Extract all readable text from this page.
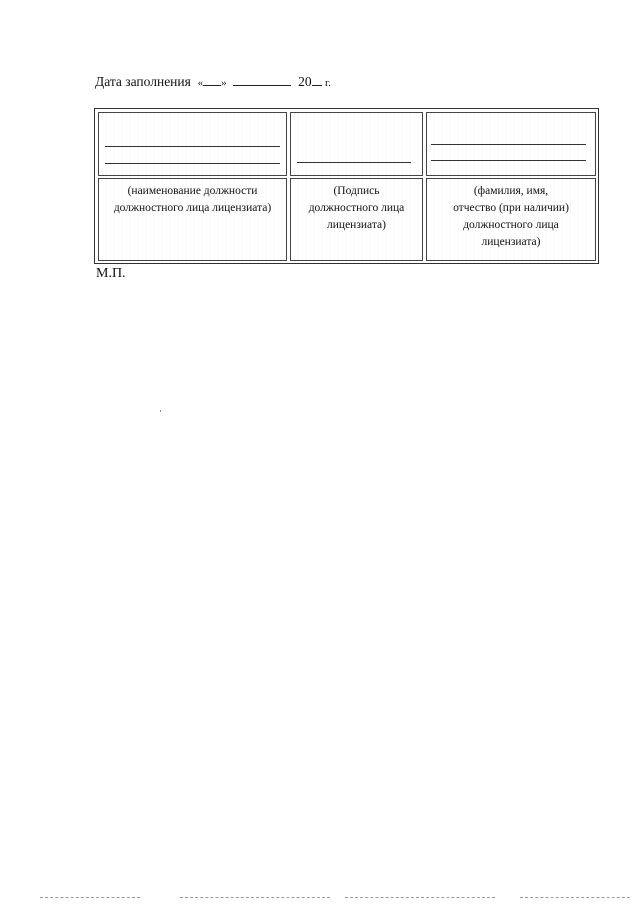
Дата заполнения « »	20 г.
(наименование должности
должностного лица лицензиата)
(Подпись
должностного лица
лицензиата)
(фамилия, имя,
отчество (при наличии)
должностного лица
лицензиата)
М.П.
